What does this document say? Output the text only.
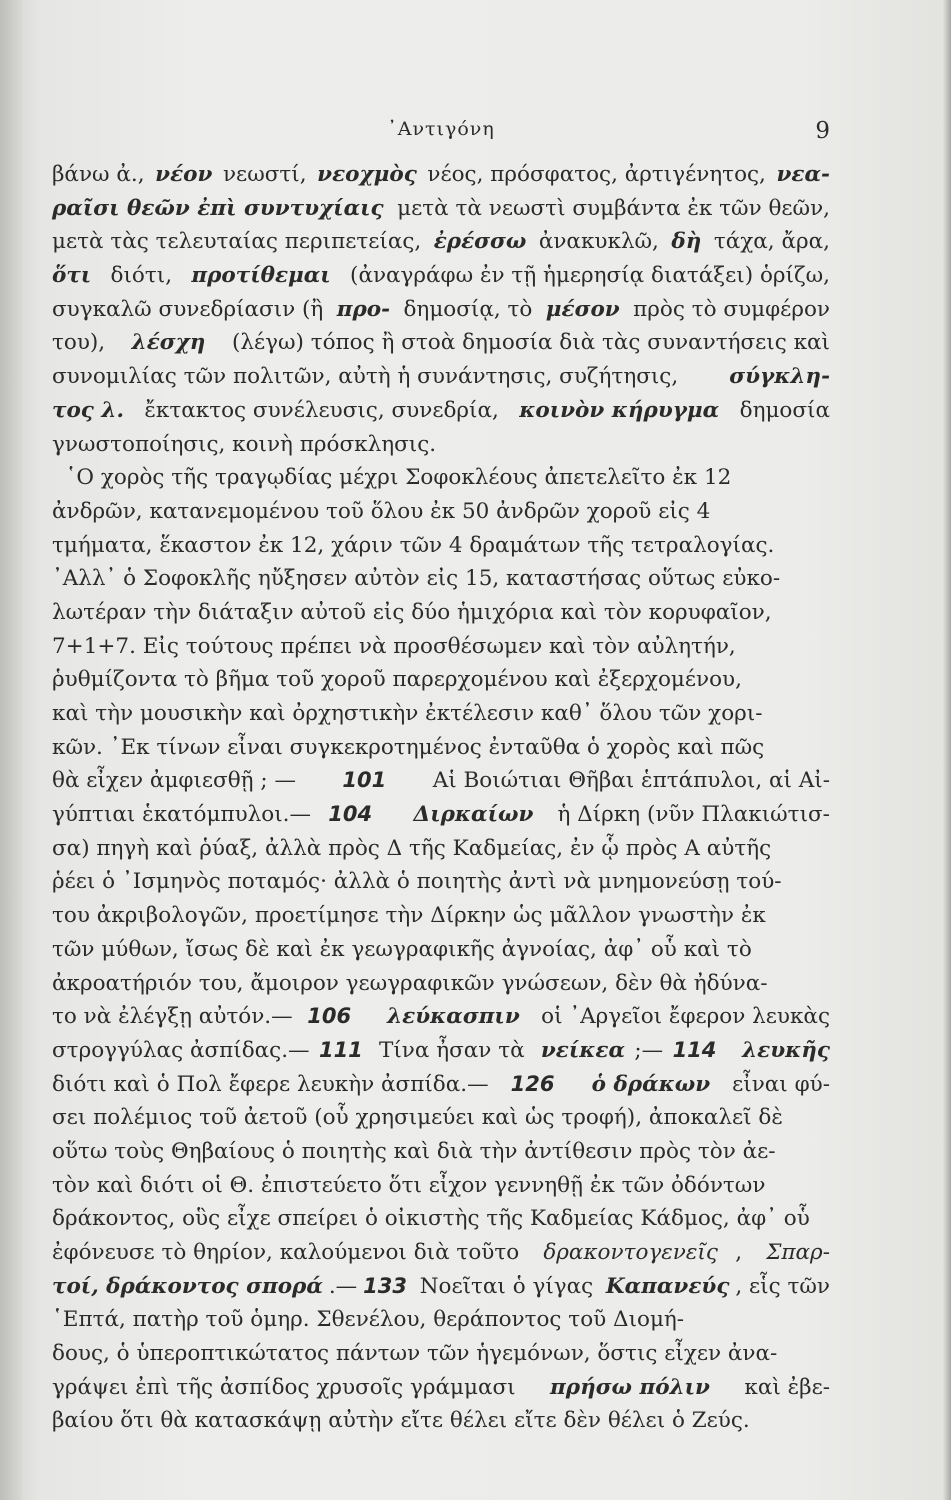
᾿Αντιγόνη	9
βάνω ἀ., νέον νεωστί, νεοχμὸς νέος, πρόσφατος, ἀρτιγένητος, νεα-
ραῖσι θεῶν ἐπὶ συντυχίαις μετὰ τὰ νεωστὶ συμβάντα ἐκ τῶν θεῶν,
μετὰ τὰς τελευταίας περιπετείας, ἐρέσσω ἀνακυκλῶ, δὴ τάχα, ἄρα,
ὅτι διότι, προτίθεμαι (ἀναγράφω ἐν τῇ ἡμερησίᾳ διατάξει) ὁρίζω,
συγκαλῶ συνεδρίασιν (ἢ προ- δημοσίᾳ, τὸ μέσον πρὸς τὸ συμφέρον
του), λέσχη (λέγω) τόπος ἢ στοὰ δημοσία διὰ τὰς συναντήσεις καὶ
συνομιλίας τῶν πολιτῶν, αὐτὴ ἡ συνάντησις, συζήτησις, σύγκλη-
τος λ. ἔκτακτος συνέλευσις, συνεδρία, κοινὸν κήρυγμα δημοσία
γνωστοποίησις, κοινὴ πρόσκλησις.
῾Ο χορὸς τῆς τραγῳδίας μέχρι Σοφοκλέους ἀπετελεῖτο ἐκ 12
ἀνδρῶν, κατανεμομένου τοῦ ὅλου ἐκ 50 ἀνδρῶν χοροῦ εἰς 4
τμήματα, ἕκαστον ἐκ 12, χάριν τῶν 4 δραμάτων τῆς τετραλογίας.
᾿Αλλ᾿ ὁ Σοφοκλῆς ηὔξησεν αὐτὸν εἰς 15, καταστήσας οὕτως εὐκο-
λωτέραν τὴν διάταξιν αὐτοῦ εἰς δύο ἡμιχόρια καὶ τὸν κορυφαῖον,
7+1+7. Εἰς τούτους πρέπει νὰ προσθέσωμεν καὶ τὸν αὐλητήν,
ῥυθμίζοντα τὸ βῆμα τοῦ χοροῦ παρερχομένου καὶ ἐξερχομένου,
καὶ τὴν μουσικὴν καὶ ὀρχηστικὴν ἐκτέλεσιν καθ᾿ ὅλου τῶν χορι-
κῶν. ᾿Εκ τίνων εἶναι συγκεκροτημένος ἐνταῦθα ὁ χορὸς καὶ πῶς
θὰ εἶχεν ἀμφιεσθῇ ; — 101 Αἱ Βοιώτιαι Θῆβαι ἑπτάπυλοι, αἱ Αἰ-
γύπτιαι ἑκατόμπυλοι.— 104
Διρκαίων ἡ Δίρκη (νῦν Πλακιώτισ-
σα) πηγὴ καὶ ῥύαξ, ἀλλὰ πρὸς Δ τῆς Καδμείας, ἐν ᾧ πρὸς Α αὐτῆς
ῥέει ὁ ᾿Ισμηνὸς ποταμός· ἀλλὰ ὁ ποιητὴς ἀντὶ νὰ μνημονεύσῃ τού-
του ἀκριβολογῶν, προετίμησε τὴν Δίρκην ὡς μᾶλλον γνωστὴν ἐκ
τῶν μύθων, ἴσως δὲ καὶ ἐκ γεωγραφικῆς ἀγνοίας, ἀφ᾿ οὗ καὶ τὸ
ἀκροατήριόν του, ἄμοιρον γεωγραφικῶν γνώσεων, δὲν θὰ ἠδύνα-
το νὰ ἐλέγξῃ αὐτόν.— 106
λεύκασπιν οἱ ᾿Αργεῖοι ἔφερον λευκὰς
στρογγύλας ἀσπίδας.— 111 Τίνα ἦσαν τὰ νείκεα ;— 114
λευκῆς
διότι καὶ ὁ Πολ ἔφερε λευκὴν ἀσπίδα.— 126
ὁ δράκων εἶναι φύ-
σει πολέμιος τοῦ ἀετοῦ (οὗ χρησιμεύει καὶ ὡς τροφή), ἀποκαλεῖ δὲ
οὕτω τοὺς Θηβαίους ὁ ποιητὴς καὶ διὰ τὴν ἀντίθεσιν πρὸς τὸν ἀε-
τὸν καὶ διότι οἱ Θ. ἐπιστεύετο ὅτι εἶχον γεννηθῇ ἐκ τῶν ὀδόντων
δράκοντος, οὓς εἶχε σπείρει ὁ οἰκιστὴς τῆς Καδμείας Κάδμος, ἀφ᾿ οὗ
ἐφόνευσε τὸ θηρίον, καλούμενοι διὰ τοῦτο δρακοντογενεῖς , Σπαρ-
τοί, δράκοντος σπορά .— 133 Νοεῖται ὁ γίγας Καπανεύς , εἷς τῶν
῾Επτά, πατὴρ τοῦ ὁμηρ. Σθενέλου, θεράποντος τοῦ Διομή-
δους, ὁ ὑπεροπτικώτατος πάντων τῶν ἡγεμόνων, ὅστις εἶχεν ἀνα-
γράψει ἐπὶ τῆς ἀσπίδος χρυσοῖς γράμμασι πρήσω πόλιν καὶ ἐβε-
βαίου ὅτι θὰ κατασκάψῃ αὐτὴν εἴτε θέλει εἴτε δὲν θέλει ὁ Ζεύς.
